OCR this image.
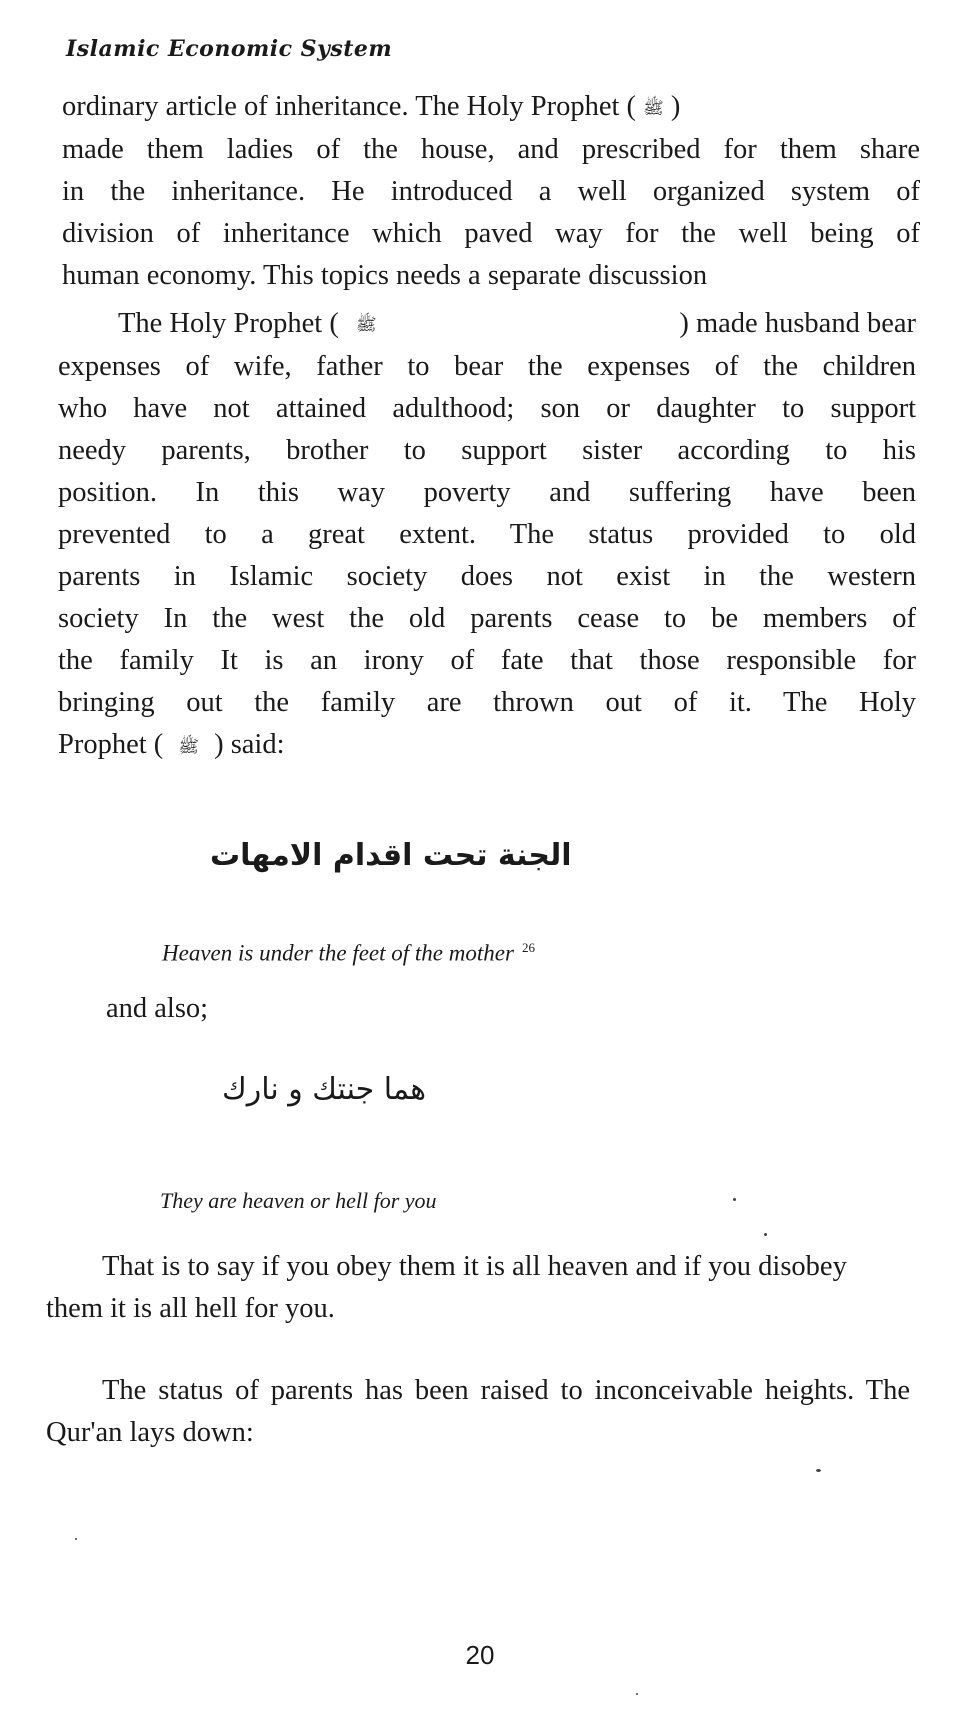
Islamic Economic System
ordinary article of inheritance. The Holy Prophet ( ﷺ )
made them ladies of the house, and prescribed for them share
in the inheritance. He introduced a well organized system of
division of inheritance which paved way for the well being of
human economy. This topics needs a separate discussion
The Holy Prophet ( ﷺ	) made husband bear
expenses of wife, father to bear the expenses of the children
who have not attained adulthood; son or daughter to support
needy parents, brother to support sister according to his
position. In this way poverty and suffering have been
prevented to a great extent. The status provided to old
parents in Islamic society does not exist in the western
society In the west the old parents cease to be members of
the family It is an irony of fate that those responsible for
bringing out the family are thrown out of it. The Holy
Prophet ( ﷺ ) said:
الجنة تحت اقدام الامهات
Heaven is under the feet of the mother $^{26}$
and also;
هما جنتك و نارك
They are heaven or hell for you
That is to say if you obey them it is all heaven and if you disobey them it is all hell for you.
The status of parents has been raised to inconceivable heights. The Qur'an lays down:
20
